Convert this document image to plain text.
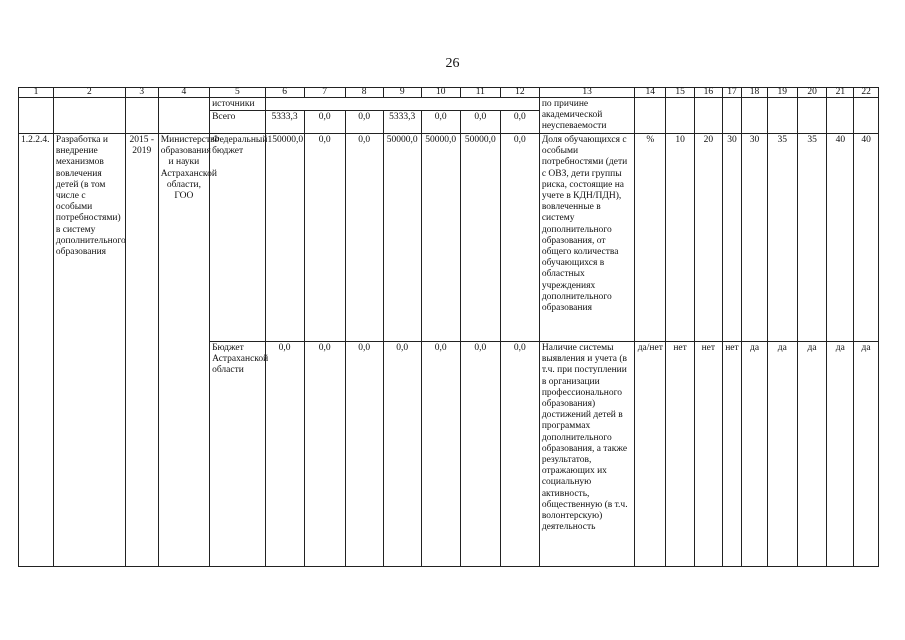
26
1	2	3	4	5	6	7	8	9	10	11	12	13	14	15	16	17	18	19	20	21	22
				источники								по причине академической неуспеваемости									
				Всего	5333,3	0,0	0,0	5333,3	0,0	0,0	0,0										
1.2.2.4.	Разработка и внедрение механизмов вовлечения детей (в том числе с особыми потребностями) в систему дополнительного образования	2015 - 2019	Министерство образования и науки Астраханской области, ГОО	Федеральный бюджет	150000,0	0,0	0,0	50000,0	50000,0	50000,0	0,0	Доля обучающихся с особыми потребностями (дети с ОВЗ, дети группы риска, состоящие на учете в КДН/ПДН), вовлеченные в систему дополнительного образования, от общего количества обучающихся в областных учреждениях дополнительного образования	%	10	20	30	30	35	35	40	40
				Бюджет Астраханской области	0,0	0,0	0,0	0,0	0,0	0,0	0,0	Наличие системы выявления и учета (в т.ч. при поступлении в организации профессионального образования) достижений детей в программах дополнительного образования, а также результатов, отражающих их социальную активность, общественную (в т.ч. волонтерскую) деятельность	да/нет	нет	нет	нет	да	да	да	да	да
